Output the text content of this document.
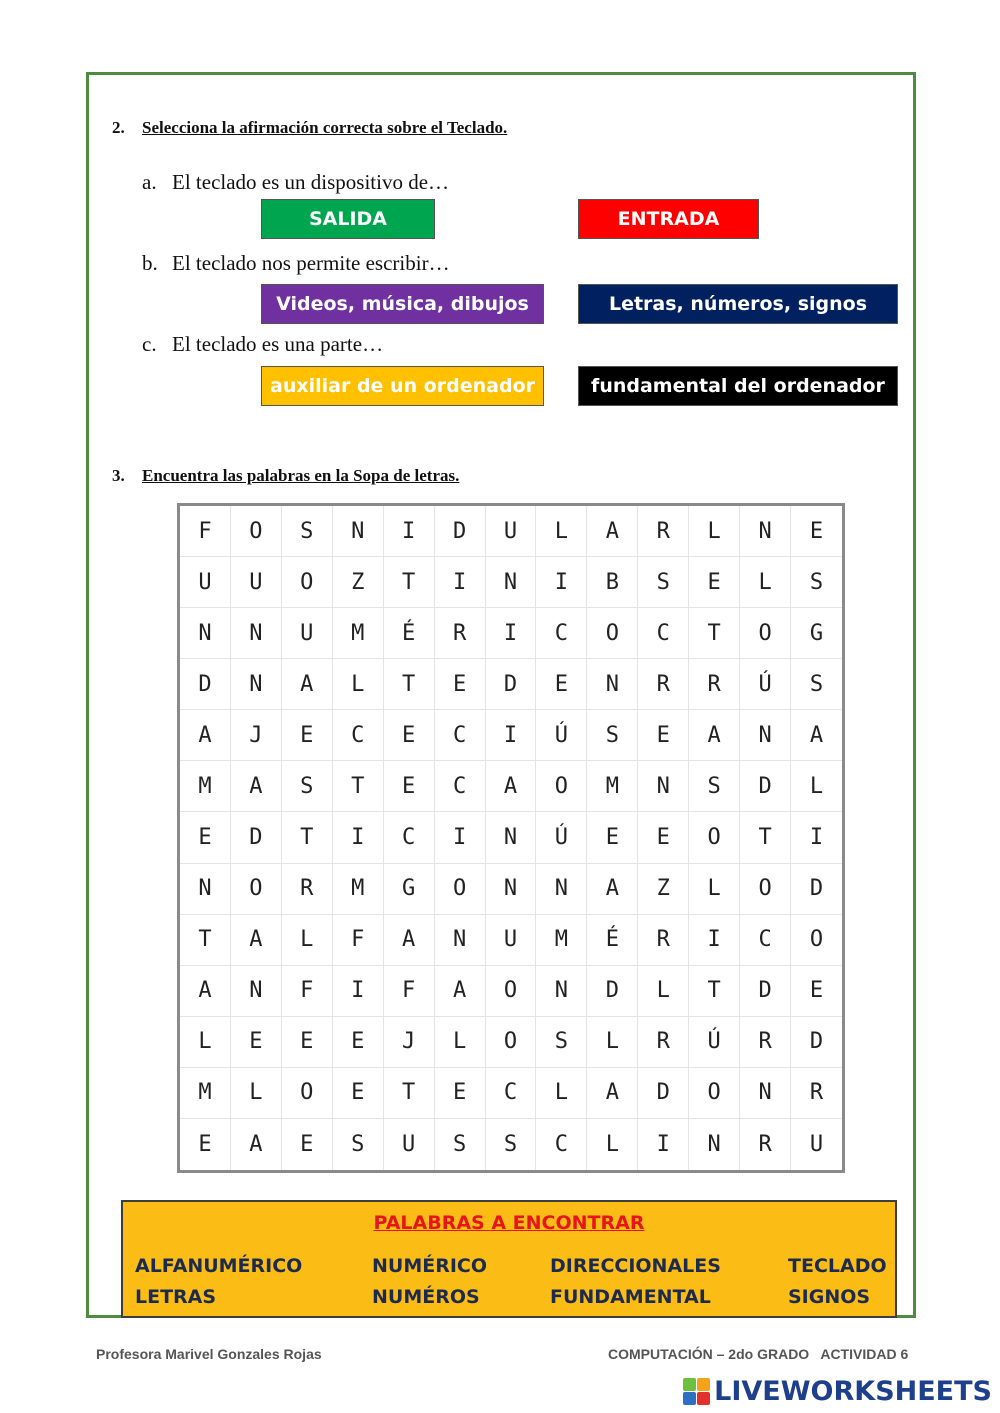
2. Selecciona la afirmación correcta sobre el Teclado.
a. El teclado es un dispositivo de…
SALIDA	ENTRADA
b. El teclado nos permite escribir…
Videos, música, dibujos	Letras, números, signos
c. El teclado es una parte…
auxiliar de un ordenador	fundamental del ordenador
3. Encuentra las palabras en la Sopa de letras.
F	O	S	N	I	D	U	L	A	R	L	N	E
U	U	O	Z	T	I	N	I	B	S	E	L	S
N	N	U	M	É	R	I	C	O	C	T	O	G
D	N	A	L	T	E	D	E	N	R	R	Ú	S
A	J	E	C	E	C	I	Ú	S	E	A	N	A
M	A	S	T	E	C	A	O	M	N	S	D	L
E	D	T	I	C	I	N	Ú	E	E	O	T	I
N	O	R	M	G	O	N	N	A	Z	L	O	D
T	A	L	F	A	N	U	M	É	R	I	C	O
A	N	F	I	F	A	O	N	D	L	T	D	E
L	E	E	E	J	L	O	S	L	R	Ú	R	D
M	L	O	E	T	E	C	L	A	D	O	N	R
E	A	E	S	U	S	S	C	L	I	N	R	U
PALABRAS A ENCONTRAR
ALFANUMÉRICO
LETRAS
NUMÉRICO
NUMÉROS
DIRECCIONALES
FUNDAMENTAL
TECLADO
SIGNOS
Profesora Marivel Gonzales Rojas	COMPUTACIÓN – 2do GRADO   ACTIVIDAD 6
LIVEWORKSHEETS
